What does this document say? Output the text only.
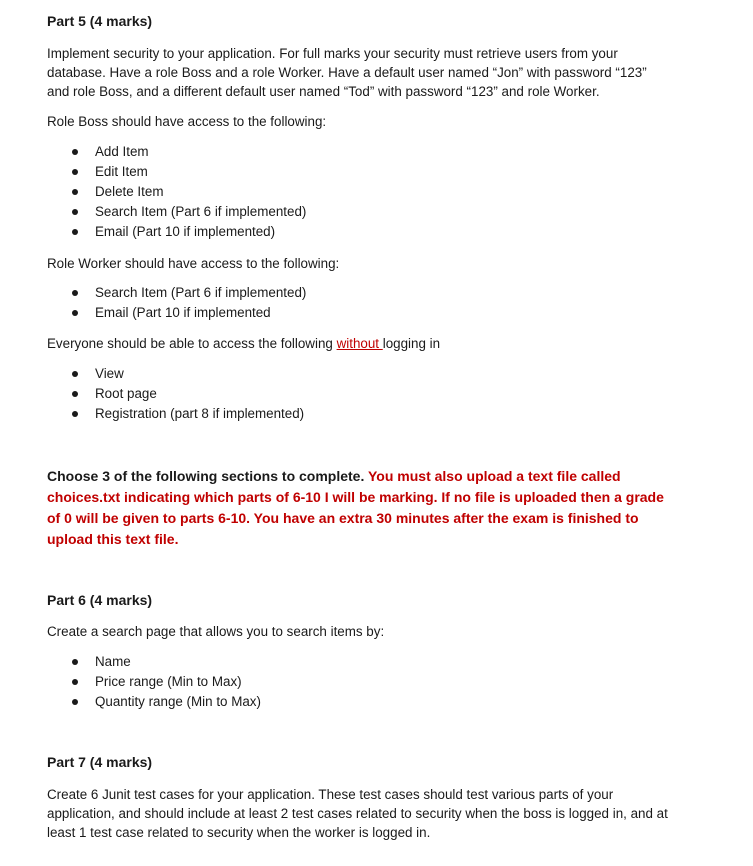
Part 5 (4 marks)
Implement security to your application. For full marks your security must retrieve users from your
database. Have a role Boss and a role Worker. Have a default user named “Jon” with password “123”
and role Boss, and a different default user named “Tod” with password “123” and role Worker.
Role Boss should have access to the following:
Add Item
Edit Item
Delete Item
Search Item (Part 6 if implemented)
Email (Part 10 if implemented)
Role Worker should have access to the following:
Search Item (Part 6 if implemented)
Email (Part 10 if implemented
Everyone should be able to access the following without logging in
View
Root page
Registration (part 8 if implemented)
Choose 3 of the following sections to complete. You must also upload a text file called
choices.txt indicating which parts of 6-10 I will be marking. If no file is uploaded then a grade
of 0 will be given to parts 6-10. You have an extra 30 minutes after the exam is finished to
upload this text file.
Part 6 (4 marks)
Create a search page that allows you to search items by:
Name
Price range (Min to Max)
Quantity range (Min to Max)
Part 7 (4 marks)
Create 6 Junit test cases for your application. These test cases should test various parts of your
application, and should include at least 2 test cases related to security when the boss is logged in, and at
least 1 test case related to security when the worker is logged in.
